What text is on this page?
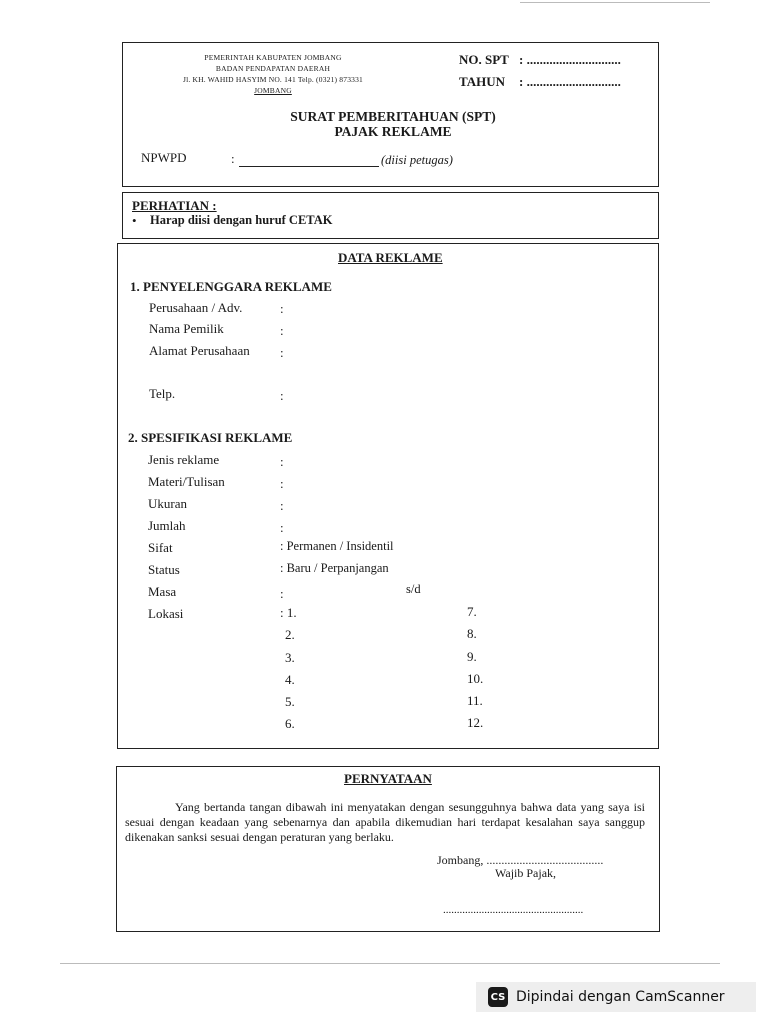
PEMERINTAH KABUPATEN JOMBANG
BADAN PENDAPATAN DAERAH
Jl. KH. WAHID HASYIM NO. 141 Telp. (0321) 873331
JOMBANG
NO. SPT : .............................
TAHUN : .............................
SURAT PEMBERITAHUAN (SPT)
PAJAK REKLAME
NPWPD	:	(diisi petugas)
PERHATIAN :
• Harap diisi dengan huruf CETAK
DATA REKLAME
1. PENYELENGGARA REKLAME
Perusahaan / Adv.	:
Nama Pemilik	:
Alamat Perusahaan :
Telp.	:
2. SPESIFIKASI REKLAME
Jenis reklame	:
Materi/Tulisan	:
Ukuran	:
Jumlah	:
Sifat	: Permanen / Insidentil
Status	: Baru / Perpanjangan
Masa	:	s/d
Lokasi	: 1.
2.
3.
4.
5.
6.
7.
8.
9.
10.
11.
12.
PERNYATAAN
Yang bertanda tangan dibawah ini menyatakan dengan sesungguhnya bahwa data yang saya isi sesuai dengan keadaan yang sebenarnya dan apabila dikemudian hari terdapat kesalahan saya sanggup dikenakan sanksi sesuai dengan peraturan yang berlaku.
Jombang, .......................................
Wajib Pajak,
...................................................
CS Dipindai dengan CamScanner
